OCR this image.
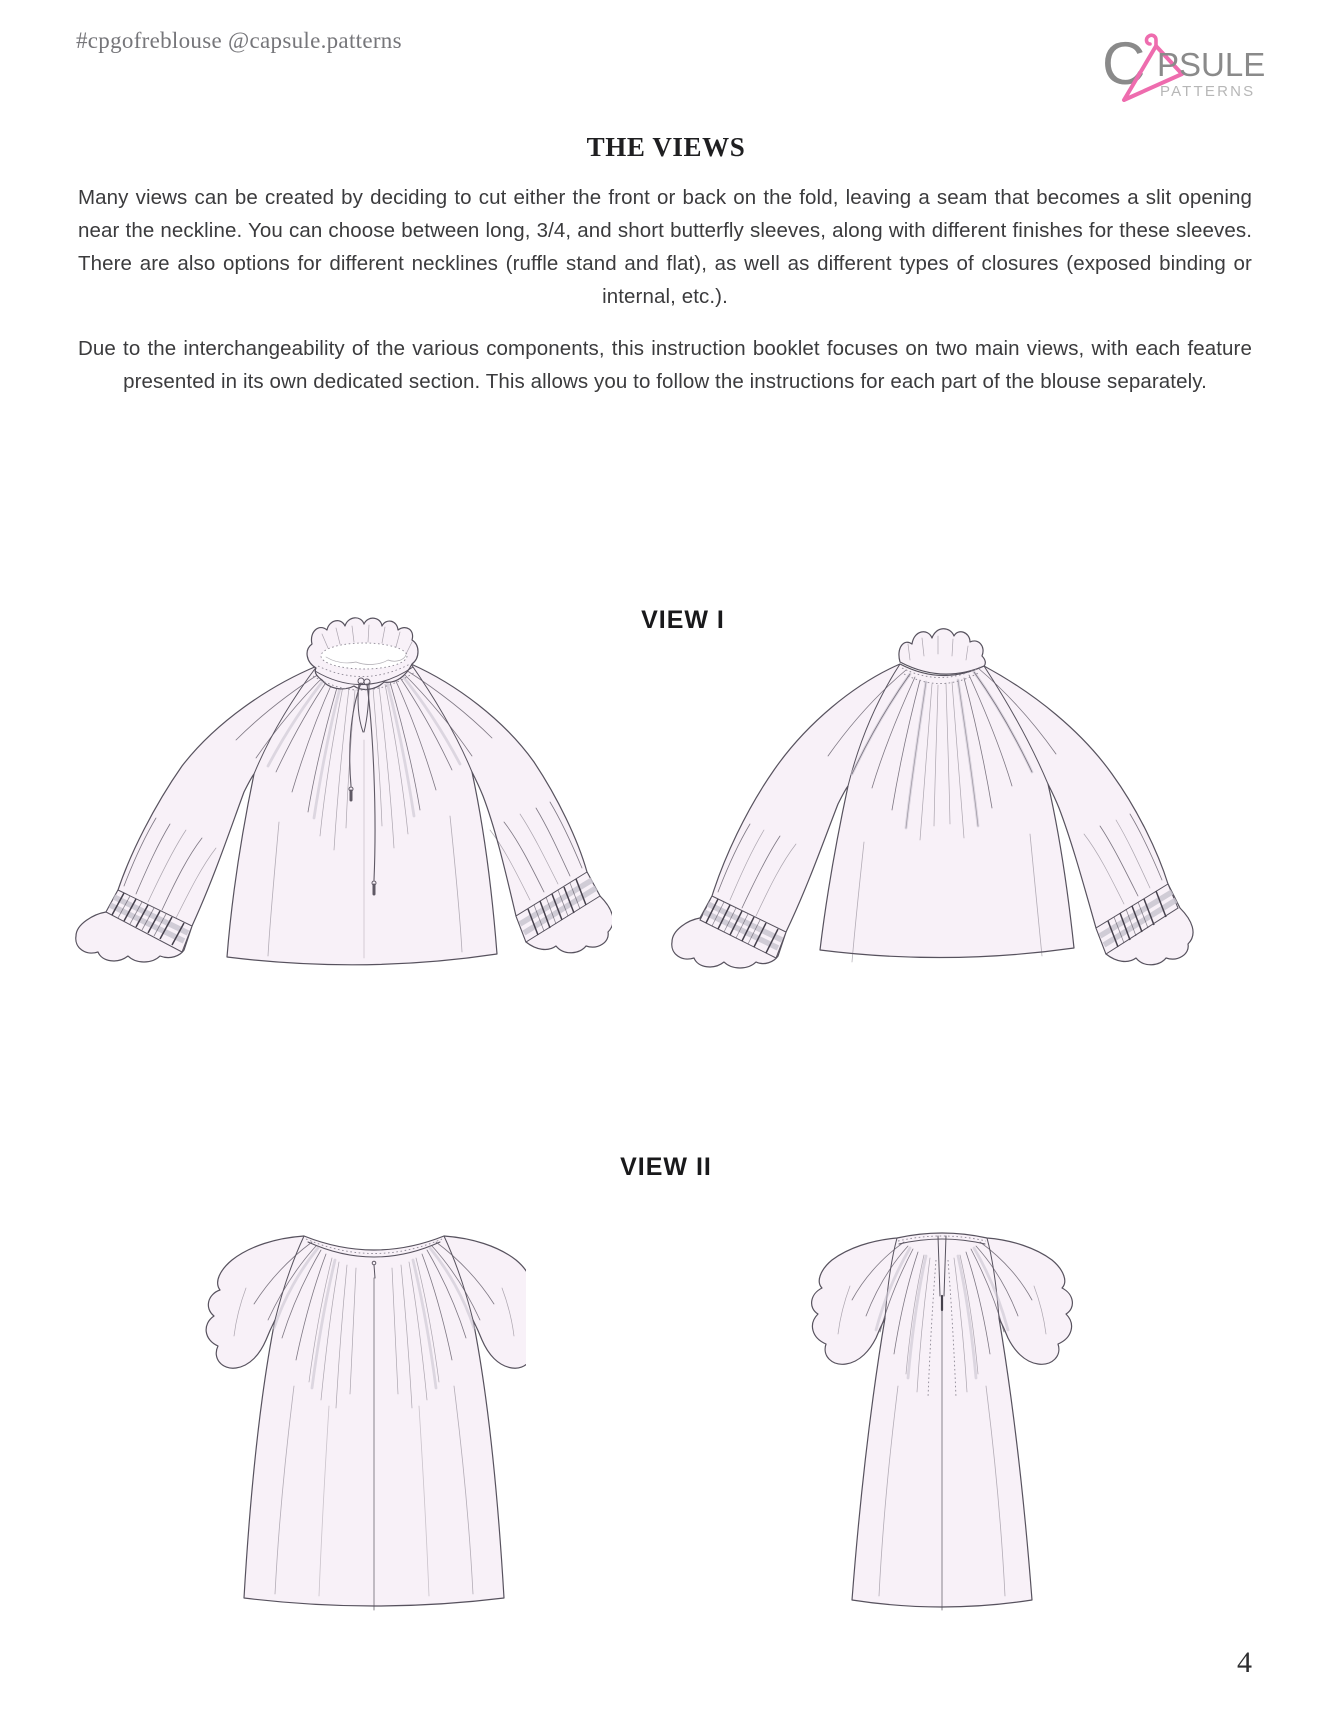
#cpgofreblouse @capsule.patterns	C PSULE
PATTERNS
THE VIEWS

Many views can be created by deciding to cut either the front or back on the fold, leaving a seam that becomes a slit opening near the neckline. You can choose between long, 3/4, and short butterfly sleeves, along with different finishes for these sleeves. There are also options for different necklines (ruffle stand and flat), as well as different types of closures (exposed binding or internal, etc.).

Due to the interchangeability of the various components, this instruction booklet focuses on two main views, with each feature presented in its own dedicated section. This allows you to follow the instructions for each part of the blouse separately.

VIEW I
VIEW II
4
